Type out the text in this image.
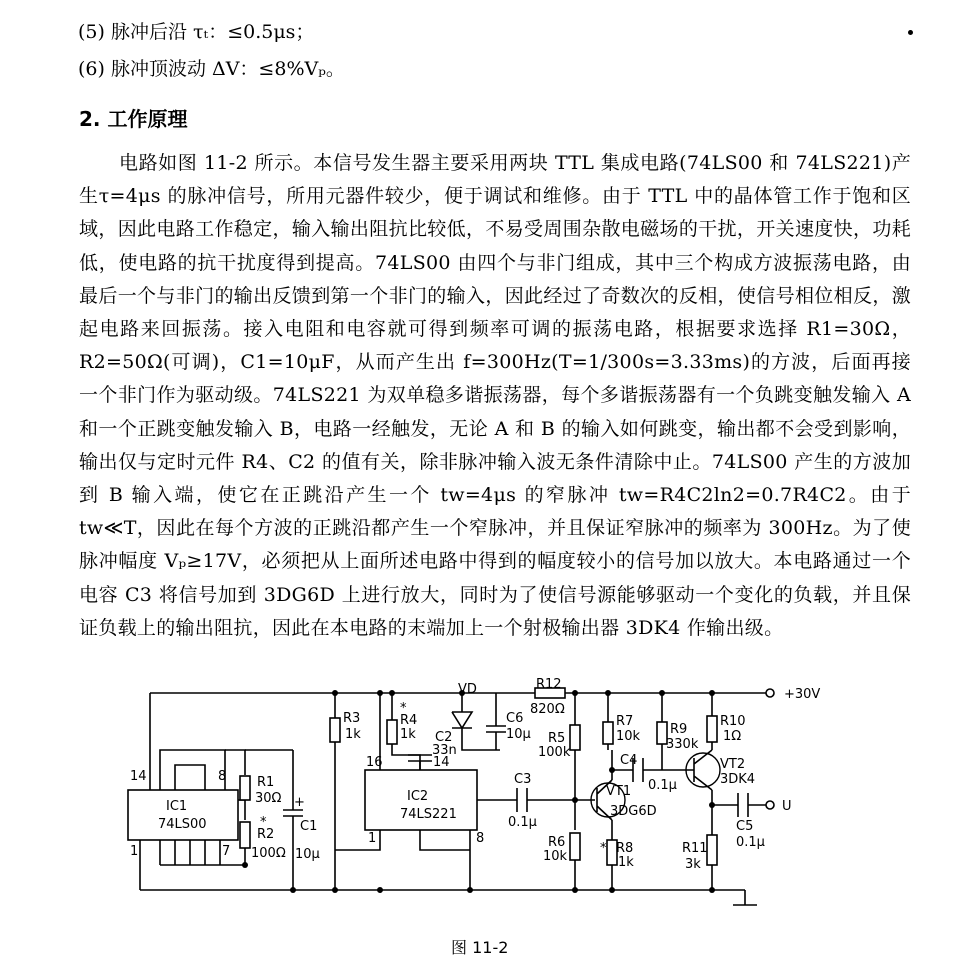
(5) 脉冲后沿 τₜ：≤0.5μs；
(6) 脉冲顶波动 ΔV：≤8%Vₚ。
2. 工作原理
电路如图 11-2 所示。本信号发生器主要采用两块 TTL 集成电路(74LS00 和 74LS221)产生τ=4μs 的脉冲信号，所用元器件较少，便于调试和维修。由于 TTL 中的晶体管工作于饱和区域，因此电路工作稳定，输入输出阻抗比较低，不易受周围杂散电磁场的干扰，开关速度快，功耗低，使电路的抗干扰度得到提高。74LS00 由四个与非门组成，其中三个构成方波振荡电路，由最后一个与非门的输出反馈到第一个非门的输入，因此经过了奇数次的反相，使信号相位相反，激起电路来回振荡。接入电阻和电容就可得到频率可调的振荡电路，根据要求选择 R1=30Ω，R2=50Ω(可调)，C1=10μF，从而产生出 f=300Hz(T=1/300s=3.33ms)的方波，后面再接一个非门作为驱动级。74LS221 为双单稳多谐振荡器，每个多谐振荡器有一个负跳变触发输入 A 和一个正跳变触发输入 B，电路一经触发，无论 A 和 B 的输入如何跳变，输出都不会受到影响，输出仅与定时元件 R4、C2 的值有关，除非脉冲输入波无条件清除中止。74LS00 产生的方波加到 B 输入端，使它在正跳沿产生一个 tw=4μs 的窄脉冲 tw=R4C2ln2=0.7R4C2。由于 tw≪T，因此在每个方波的正跳沿都产生一个窄脉冲，并且保证窄脉冲的频率为 300Hz。为了使脉冲幅度 Vₚ≥17V，必须把从上面所述电路中得到的幅度较小的信号加以放大。本电路通过一个电容 C3 将信号加到 3DG6D 上进行放大，同时为了使信号源能够驱动一个变化的负载，并且保证负载上的输出阻抗，因此在本电路的末端加上一个射极输出器 3DK4 作输出级。
VD	R12
820Ω
+30V
R3
1k
*
R4
1k
C6
10μ
C2
33n
14	8
1	7
IC1
74LS00
R1
30Ω
*
R2
100Ω
+
C1
10μ
16	14
1	8
IC2
74LS221
C3
0.1μ
R5
100k
R6
10k
R7
10k
* R8
1k
C4
0.1μ
VT1
3DG6D
R9
330k
R10
1Ω
VT2
3DK4
C5
0.1μ
U
R11
3k
图 11-2
